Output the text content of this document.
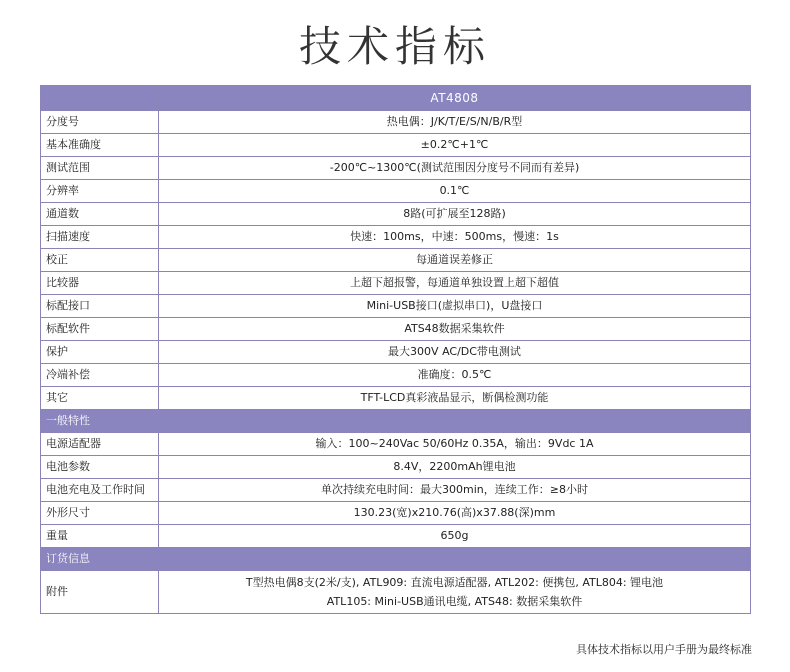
技术指标
	AT4808
分度号	热电偶：J/K/T/E/S/N/B/R型
基本准确度	±0.2℃+1℃
测试范围	-200℃~1300℃(测试范围因分度号不同而有差异)
分辨率	0.1℃
通道数	8路(可扩展至128路)
扫描速度	快速：100ms，中速：500ms，慢速：1s
校正	每通道误差修正
比较器	上超下超报警，每通道单独设置上超下超值
标配接口	Mini-USB接口(虚拟串口)，U盘接口
标配软件	ATS48数据采集软件
保护	最大300V AC/DC带电测试
冷端补偿	准确度：0.5℃
其它	TFT-LCD真彩液晶显示，断偶检测功能
一般特性	
电源适配器	输入：100~240Vac 50/60Hz 0.35A，输出：9Vdc 1A
电池参数	8.4V，2200mAh锂电池
电池充电及工作时间	单次持续充电时间：最大300min，连续工作：≥8小时
外形尺寸	130.23(宽)x210.76(高)x37.88(深)mm
重量	650g
订货信息	
附件	T型热电偶8支(2米/支), ATL909: 直流电源适配器, ATL202: 便携包, ATL804: 锂电池
ATL105: Mini-USB通讯电缆, ATS48: 数据采集软件
具体技术指标以用户手册为最终标准
